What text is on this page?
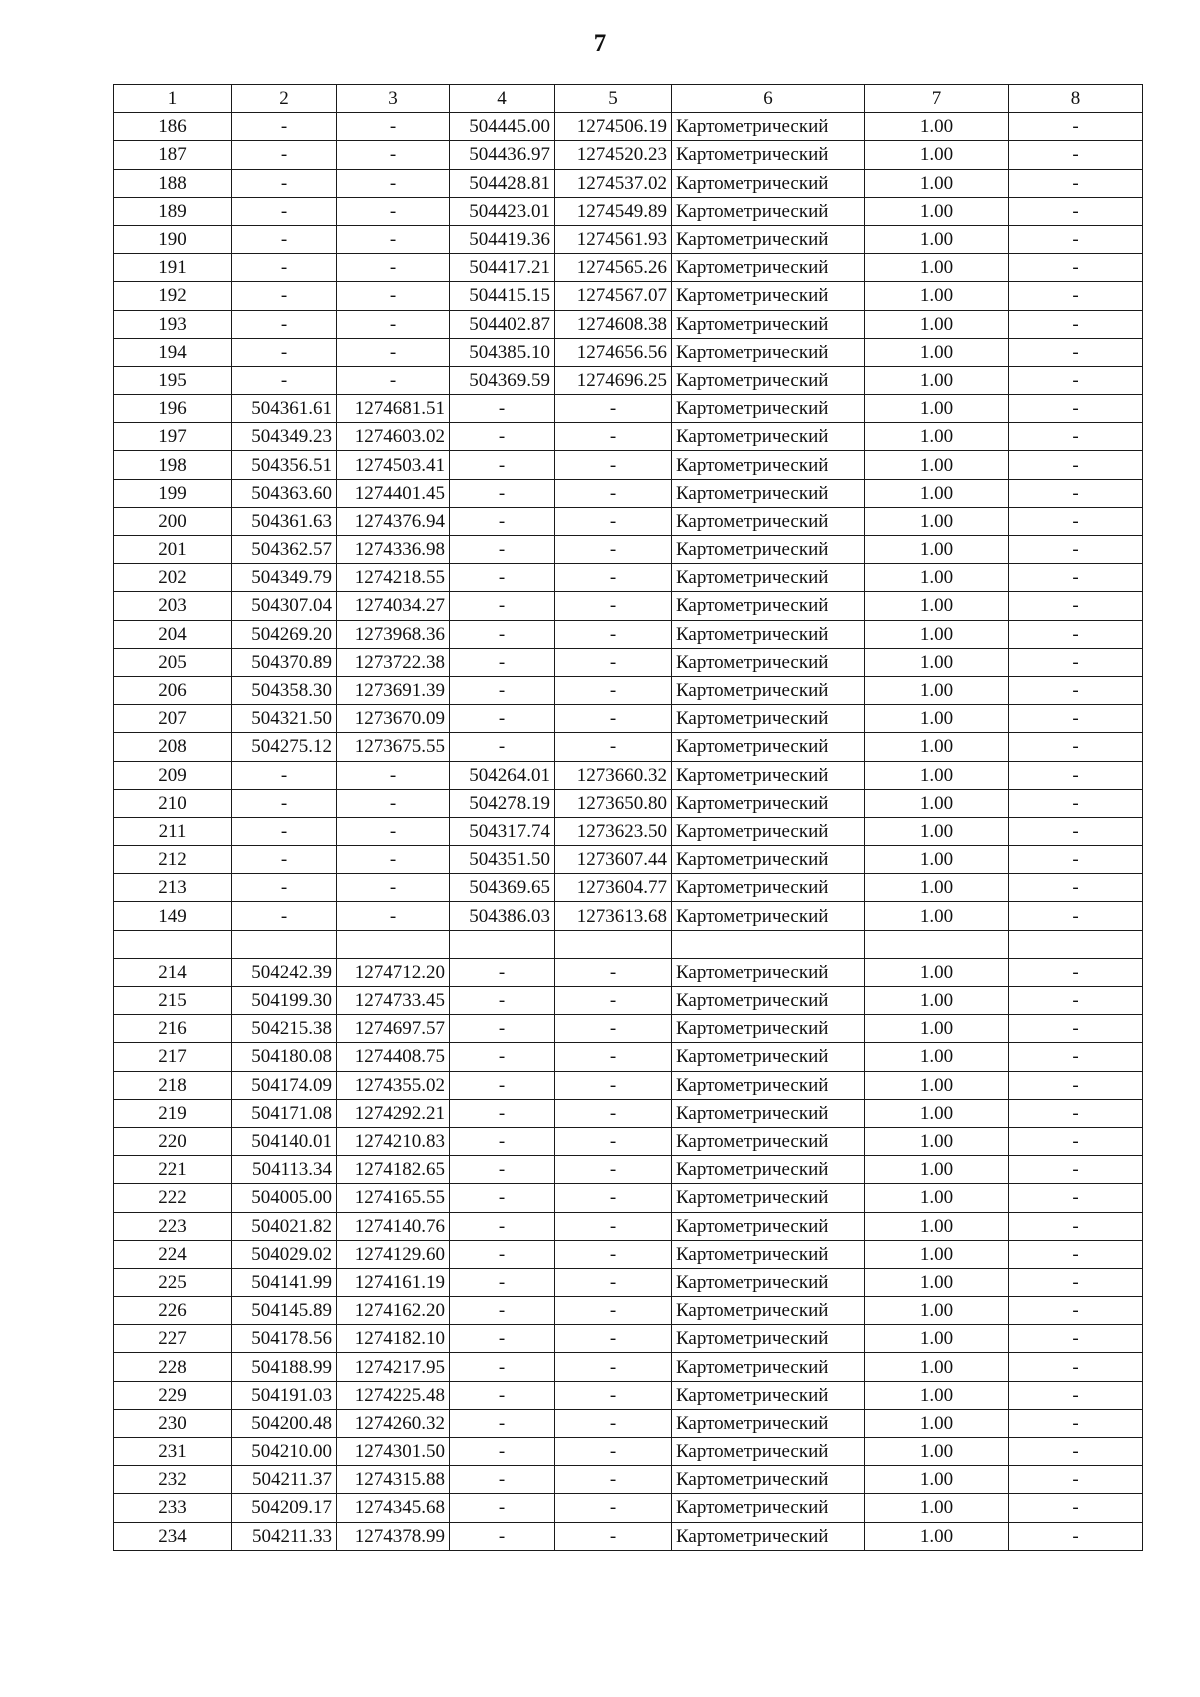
7
1	2	3	4	5	6	7	8
186	-	-	504445.00	1274506.19	Картометрический	1.00	-
187	-	-	504436.97	1274520.23	Картометрический	1.00	-
188	-	-	504428.81	1274537.02	Картометрический	1.00	-
189	-	-	504423.01	1274549.89	Картометрический	1.00	-
190	-	-	504419.36	1274561.93	Картометрический	1.00	-
191	-	-	504417.21	1274565.26	Картометрический	1.00	-
192	-	-	504415.15	1274567.07	Картометрический	1.00	-
193	-	-	504402.87	1274608.38	Картометрический	1.00	-
194	-	-	504385.10	1274656.56	Картометрический	1.00	-
195	-	-	504369.59	1274696.25	Картометрический	1.00	-
196	504361.61	1274681.51	-	-	Картометрический	1.00	-
197	504349.23	1274603.02	-	-	Картометрический	1.00	-
198	504356.51	1274503.41	-	-	Картометрический	1.00	-
199	504363.60	1274401.45	-	-	Картометрический	1.00	-
200	504361.63	1274376.94	-	-	Картометрический	1.00	-
201	504362.57	1274336.98	-	-	Картометрический	1.00	-
202	504349.79	1274218.55	-	-	Картометрический	1.00	-
203	504307.04	1274034.27	-	-	Картометрический	1.00	-
204	504269.20	1273968.36	-	-	Картометрический	1.00	-
205	504370.89	1273722.38	-	-	Картометрический	1.00	-
206	504358.30	1273691.39	-	-	Картометрический	1.00	-
207	504321.50	1273670.09	-	-	Картометрический	1.00	-
208	504275.12	1273675.55	-	-	Картометрический	1.00	-
209	-	-	504264.01	1273660.32	Картометрический	1.00	-
210	-	-	504278.19	1273650.80	Картометрический	1.00	-
211	-	-	504317.74	1273623.50	Картометрический	1.00	-
212	-	-	504351.50	1273607.44	Картометрический	1.00	-
213	-	-	504369.65	1273604.77	Картометрический	1.00	-
149	-	-	504386.03	1273613.68	Картометрический	1.00	-

214	504242.39	1274712.20	-	-	Картометрический	1.00	-
215	504199.30	1274733.45	-	-	Картометрический	1.00	-
216	504215.38	1274697.57	-	-	Картометрический	1.00	-
217	504180.08	1274408.75	-	-	Картометрический	1.00	-
218	504174.09	1274355.02	-	-	Картометрический	1.00	-
219	504171.08	1274292.21	-	-	Картометрический	1.00	-
220	504140.01	1274210.83	-	-	Картометрический	1.00	-
221	504113.34	1274182.65	-	-	Картометрический	1.00	-
222	504005.00	1274165.55	-	-	Картометрический	1.00	-
223	504021.82	1274140.76	-	-	Картометрический	1.00	-
224	504029.02	1274129.60	-	-	Картометрический	1.00	-
225	504141.99	1274161.19	-	-	Картометрический	1.00	-
226	504145.89	1274162.20	-	-	Картометрический	1.00	-
227	504178.56	1274182.10	-	-	Картометрический	1.00	-
228	504188.99	1274217.95	-	-	Картометрический	1.00	-
229	504191.03	1274225.48	-	-	Картометрический	1.00	-
230	504200.48	1274260.32	-	-	Картометрический	1.00	-
231	504210.00	1274301.50	-	-	Картометрический	1.00	-
232	504211.37	1274315.88	-	-	Картометрический	1.00	-
233	504209.17	1274345.68	-	-	Картометрический	1.00	-
234	504211.33	1274378.99	-	-	Картометрический	1.00	-
